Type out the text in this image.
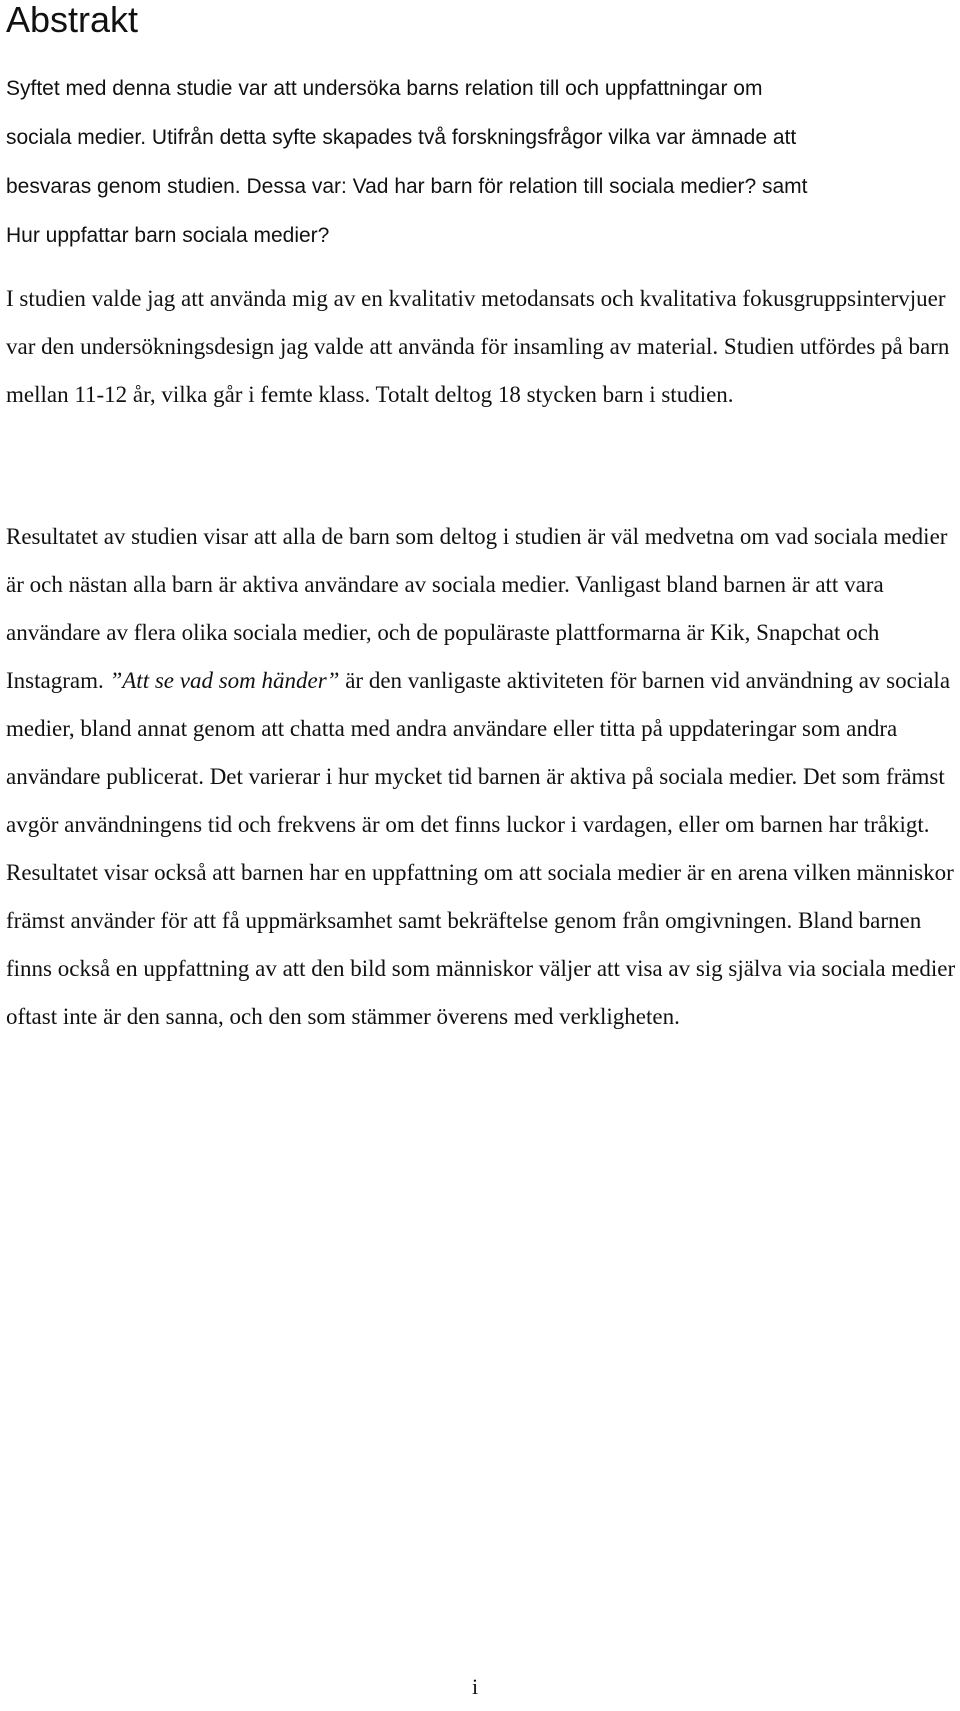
Abstrakt

Syftet med denna studie var att undersöka barns relation till och uppfattningar om
sociala medier. Utifrån detta syfte skapades två forskningsfrågor vilka var ämnade att
besvaras genom studien. Dessa var: Vad har barn för relation till sociala medier? samt
Hur uppfattar barn sociala medier?

I studien valde jag att använda mig av en kvalitativ metodansats och kvalitativa fokusgruppsintervjuer var den undersökningsdesign jag valde att använda för insamling av material. Studien utfördes på barn mellan 11-12 år, vilka går i femte klass. Totalt deltog 18 stycken barn i studien.

Resultatet av studien visar att alla de barn som deltog i studien är väl medvetna om vad sociala medier är och nästan alla barn är aktiva användare av sociala medier. Vanligast bland barnen är att vara användare av flera olika sociala medier, och de populäraste plattformarna är Kik, Snapchat och Instagram. ”Att se vad som händer” är den vanligaste aktiviteten för barnen vid användning av sociala medier, bland annat genom att chatta med andra användare eller titta på uppdateringar som andra användare publicerat. Det varierar i hur mycket tid barnen är aktiva på sociala medier. Det som främst avgör användningens tid och frekvens är om det finns luckor i vardagen, eller om barnen har tråkigt. Resultatet visar också att barnen har en uppfattning om att sociala medier är en arena vilken människor främst använder för att få uppmärksamhet samt bekräftelse genom från omgivningen. Bland barnen finns också en uppfattning av att den bild som människor väljer att visa av sig själva via sociala medier oftast inte är den sanna, och den som stämmer överens med verkligheten.

i
